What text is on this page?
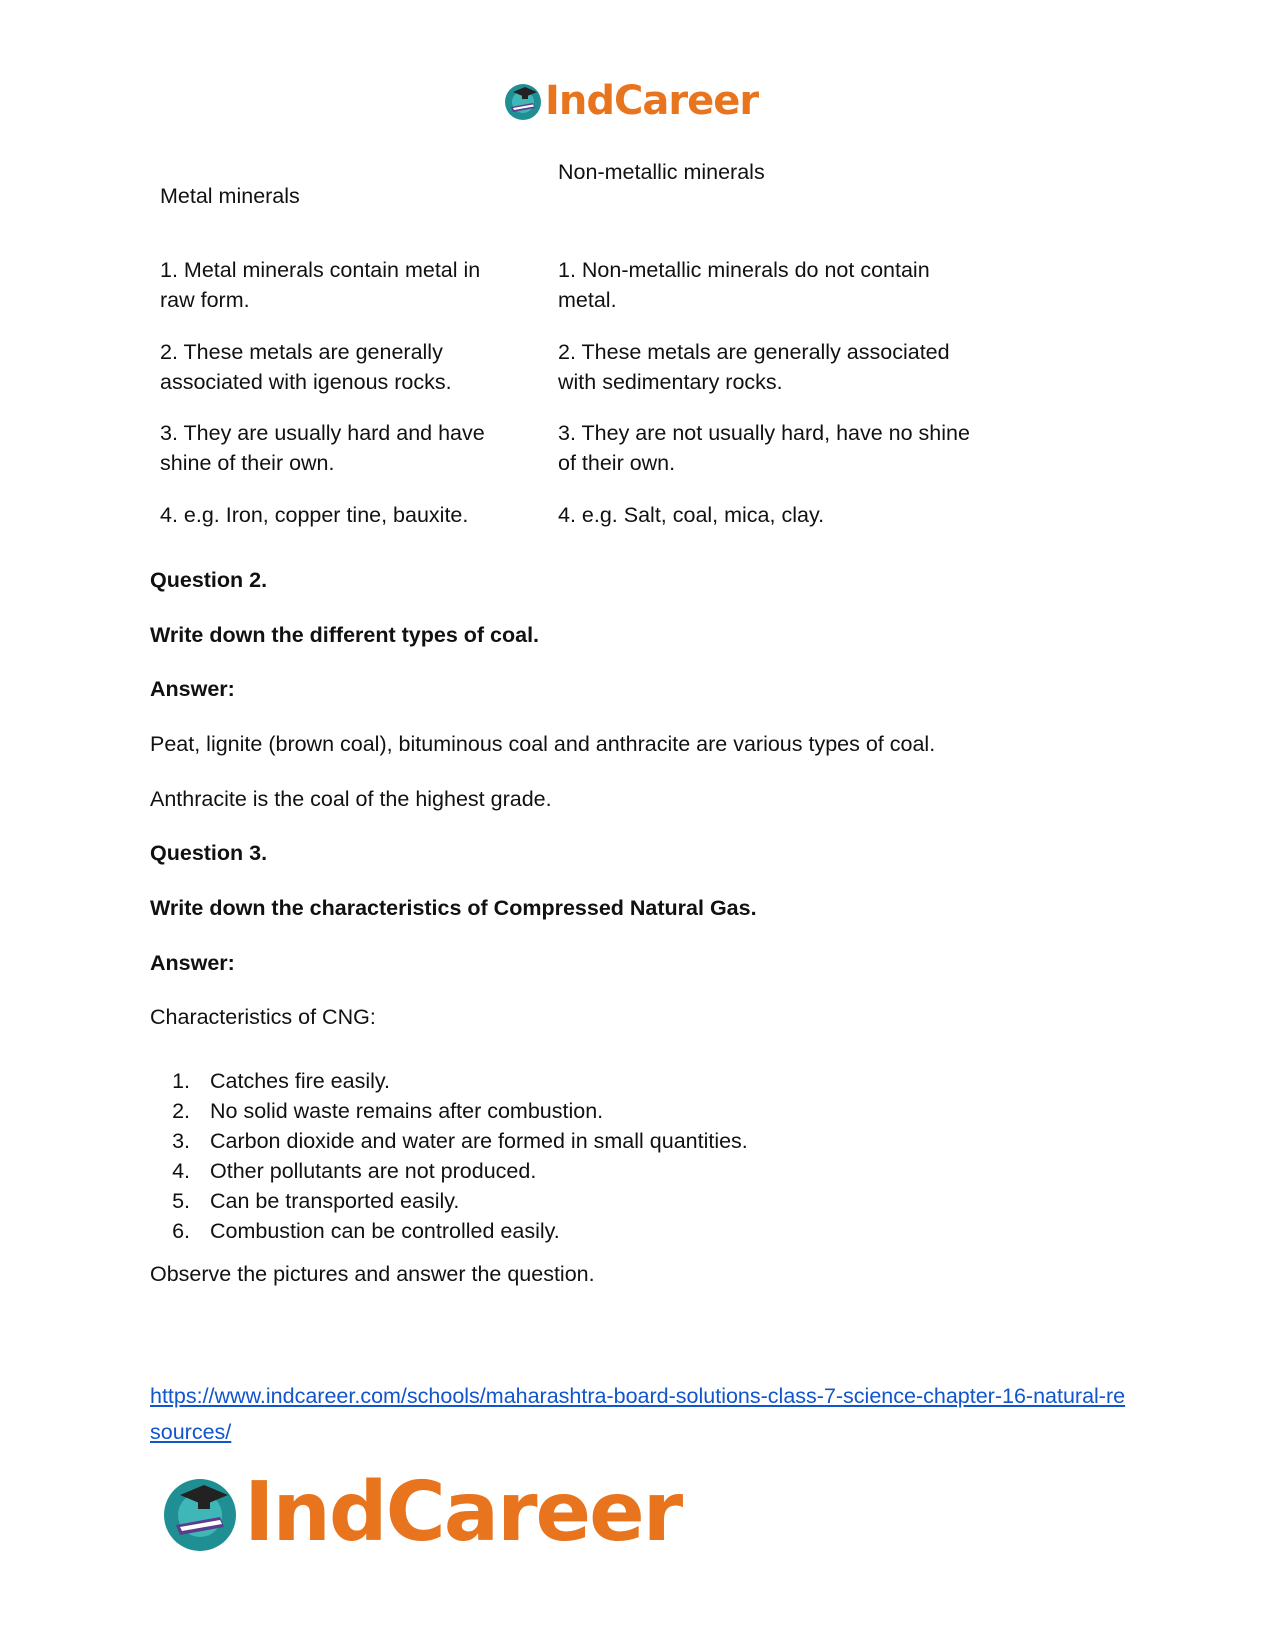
IndCareer
Metal minerals
Non-metallic minerals
1. Metal minerals contain metal in raw form.
1. Non-metallic minerals do not contain metal.
2. These metals are generally associated with igenous rocks.
2. These metals are generally associated with sedimentary rocks.
3. They are usually hard and have shine of their own.
3. They are not usually hard, have no shine of their own.
4. e.g. Iron, copper tine, bauxite.	4. e.g. Salt, coal, mica, clay.
Question 2.
Write down the different types of coal.
Answer:
Peat, lignite (brown coal), bituminous coal and anthracite are various types of coal.
Anthracite is the coal of the highest grade.
Question 3.
Write down the characteristics of Compressed Natural Gas.
Answer:
Characteristics of CNG:
1. Catches fire easily.
2. No solid waste remains after combustion.
3. Carbon dioxide and water are formed in small quantities.
4. Other pollutants are not produced.
5. Can be transported easily.
6. Combustion can be controlled easily.
Observe the pictures and answer the question.
https://www.indcareer.com/schools/maharashtra-board-solutions-class-7-science-chapter-16-natural-resources/
IndCareer
